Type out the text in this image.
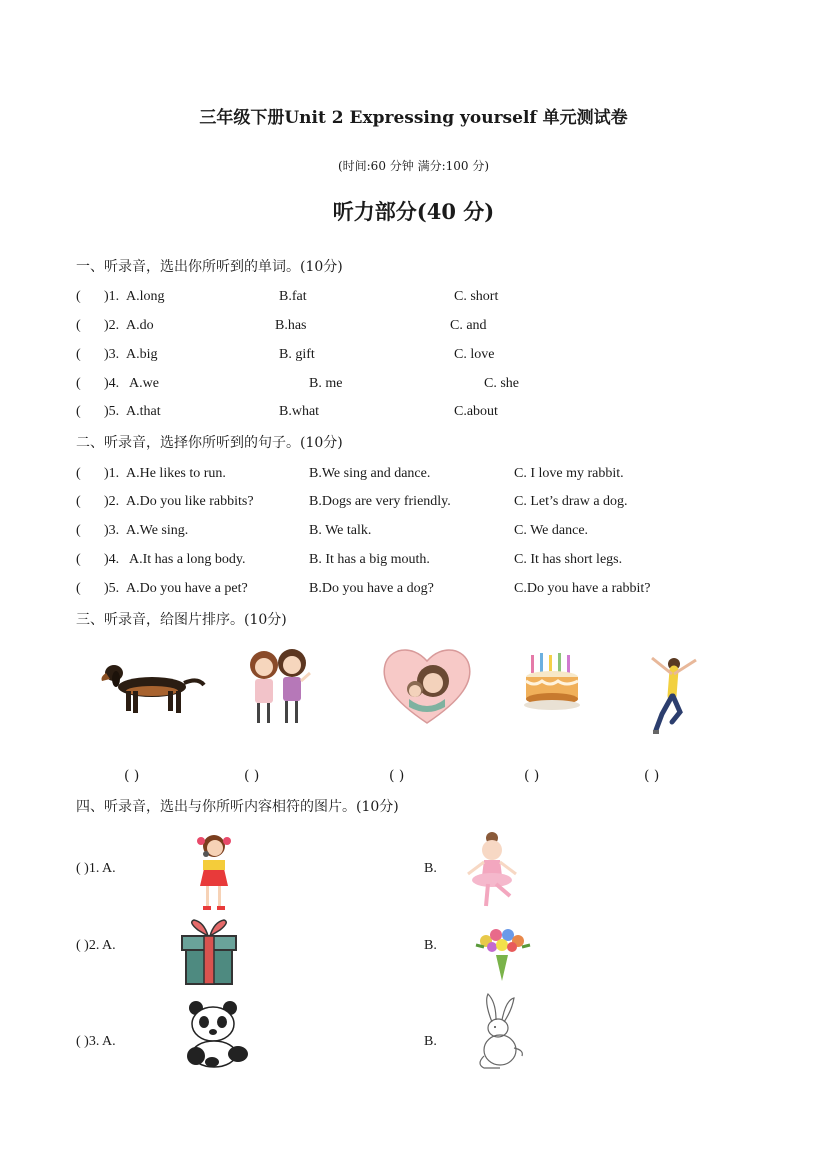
三年级下册Unit 2 Expressing yourself 单元测试卷
(时间:60 分钟 满分:100 分)
听力部分(40 分)
一、听录音，选出你所听到的单词。(10分)
( )1. A.long	B.fat	C. short
( )2. A.do	B.has	C. and
( )3. A.big	B. gift	C. love
( )4. A.we	B. me	C. she
( )5. A.that	B.what	C.about
二、听录音，选择你所听到的句子。(10分)
( )1. A.He likes to run.	B.We sing and dance.	C. I love my rabbit.
( )2. A.Do you like rabbits?	B.Dogs are very friendly.	C. Let’s draw a dog.
( )3. A.We sing.	B. We talk.	C. We dance.
( )4. A.It has a long body.	B. It has a big mouth.	C. It has short legs.
( )5. A.Do you have a pet?	B.Do you have a dog?	C.Do you have a rabbit?
三、听录音，给图片排序。(10分)
( )	( )	( )	( )	( )
四、听录音，选出与你所听内容相符的图片。(10分)
( )1. A.	B.
( )2. A.	B.
( )3. A.	B.
